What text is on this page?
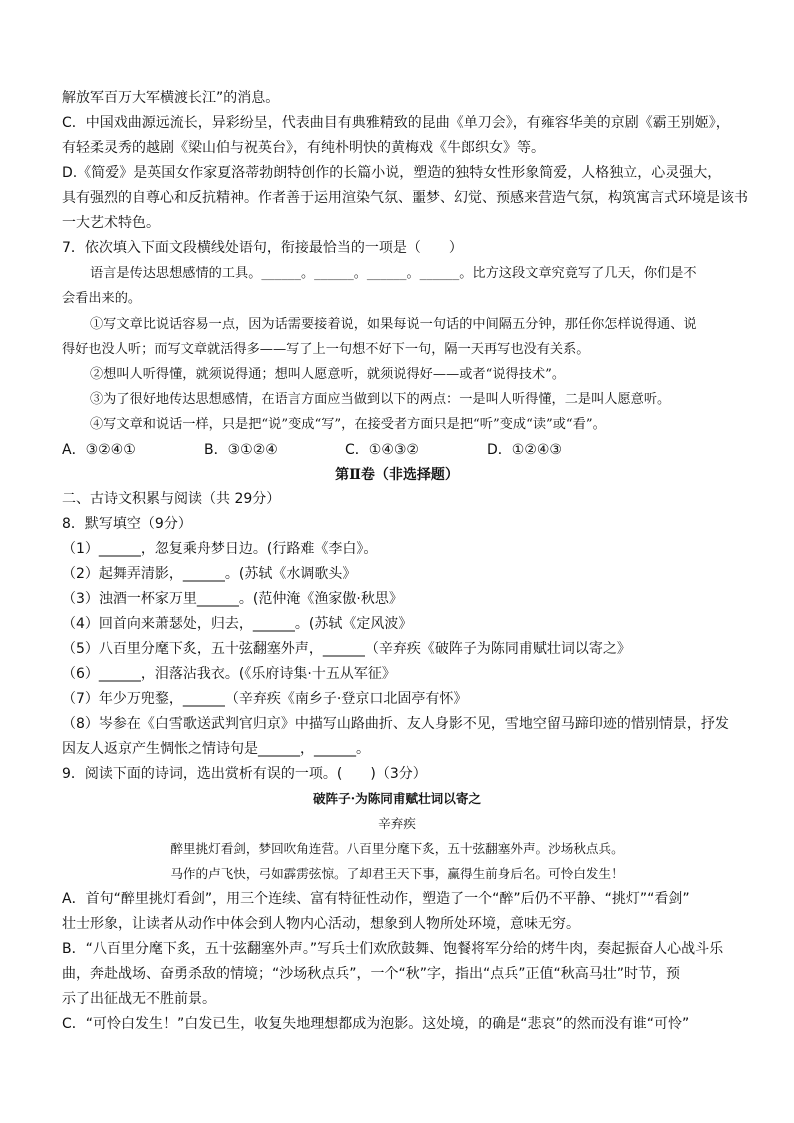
解放军百万大军横渡长江”的消息。
C．中国戏曲源远流长，异彩纷呈，代表曲目有典雅精致的昆曲《单刀会》，有雍容华美的京剧《霸王别姬》，
有轻柔灵秀的越剧《梁山伯与祝英台》，有纯朴明快的黄梅戏《牛郎织女》等。
D.《简爱》是英国女作家夏洛蒂勃朗特创作的长篇小说，塑造的独特女性形象简爱，人格独立，心灵强大，
具有强烈的自尊心和反抗精神。作者善于运用渲染气氛、噩梦、幻觉、预感来营造气氛，构筑寓言式环境是该书
一大艺术特色。
7．依次填入下面文段横线处语句，衔接最恰当的一项是（　　）
语言是传达思想感情的工具。______。______。______。______。比方这段文章究竟写了几天，你们是不
会看出来的。
①写文章比说话容易一点，因为话需要接着说，如果每说一句话的中间隔五分钟，那任你怎样说得通、说
得好也没人听；而写文章就活得多——写了上一句想不好下一句，隔一天再写也没有关系。
②想叫人听得懂，就须说得通；想叫人愿意听，就须说得好——或者“说得技术”。
③为了很好地传达思想感情，在语言方面应当做到以下的两点：一是叫人听得懂，二是叫人愿意听。
④写文章和说话一样，只是把“说”变成“写”，在接受者方面只是把“听”变成“读”或“看”。
A．③②④①	B．③①②④	C．①④③②	D．①②④③
第Ⅱ卷（非选择题）
二、古诗文积累与阅读（共 29分）
8．默写填空（9分）
（1）______，忽复乘舟梦日边。(行路难《李白》。
（2）起舞弄清影，______。(苏轼《水调歌头》
（3）浊酒一杯家万里______。(范仲淹《渔家傲·秋思》
（4）回首向来萧瑟处，归去，______。(苏轼《定风波》
（5）八百里分麾下炙，五十弦翻塞外声，______（辛弃疾《破阵子为陈同甫赋壮词以寄之》
（6）______，泪落沾我衣。(《乐府诗集·十五从军征》
（7）年少万兜鍪，______（辛弃疾《南乡子·登京口北固亭有怀》
（8）岑参在《白雪歌送武判官归京》中描写山路曲折、友人身影不见，雪地空留马蹄印迹的惜别情景，抒发
因友人返京产生惆怅之情诗句是______，______。
9．阅读下面的诗词，选出赏析有误的一项。(　　)（3分）
破阵子·为陈同甫赋壮词以寄之
辛弃疾
醉里挑灯看剑，梦回吹角连营。八百里分麾下炙，五十弦翻塞外声。沙场秋点兵。
马作的卢飞快，弓如霹雳弦惊。了却君王天下事，赢得生前身后名。可怜白发生！
A．首句“醉里挑灯看剑”，用三个连续、富有特征性动作，塑造了一个“醉”后仍不平静、“挑灯”“看剑”
壮士形象，让读者从动作中体会到人物内心活动，想象到人物所处环境，意味无穷。
B．“八百里分麾下炙，五十弦翻塞外声。”写兵士们欢欣鼓舞、饱餐将军分给的烤牛肉，奏起振奋人心战斗乐
曲，奔赴战场、奋勇杀敌的情境；“沙场秋点兵”，一个“秋”字，指出“点兵”正值“秋高马壮”时节，预
示了出征战无不胜前景。
C．“可怜白发生！”白发已生，收复失地理想都成为泡影。这处境，的确是“悲哀”的然而没有谁“可怜”
